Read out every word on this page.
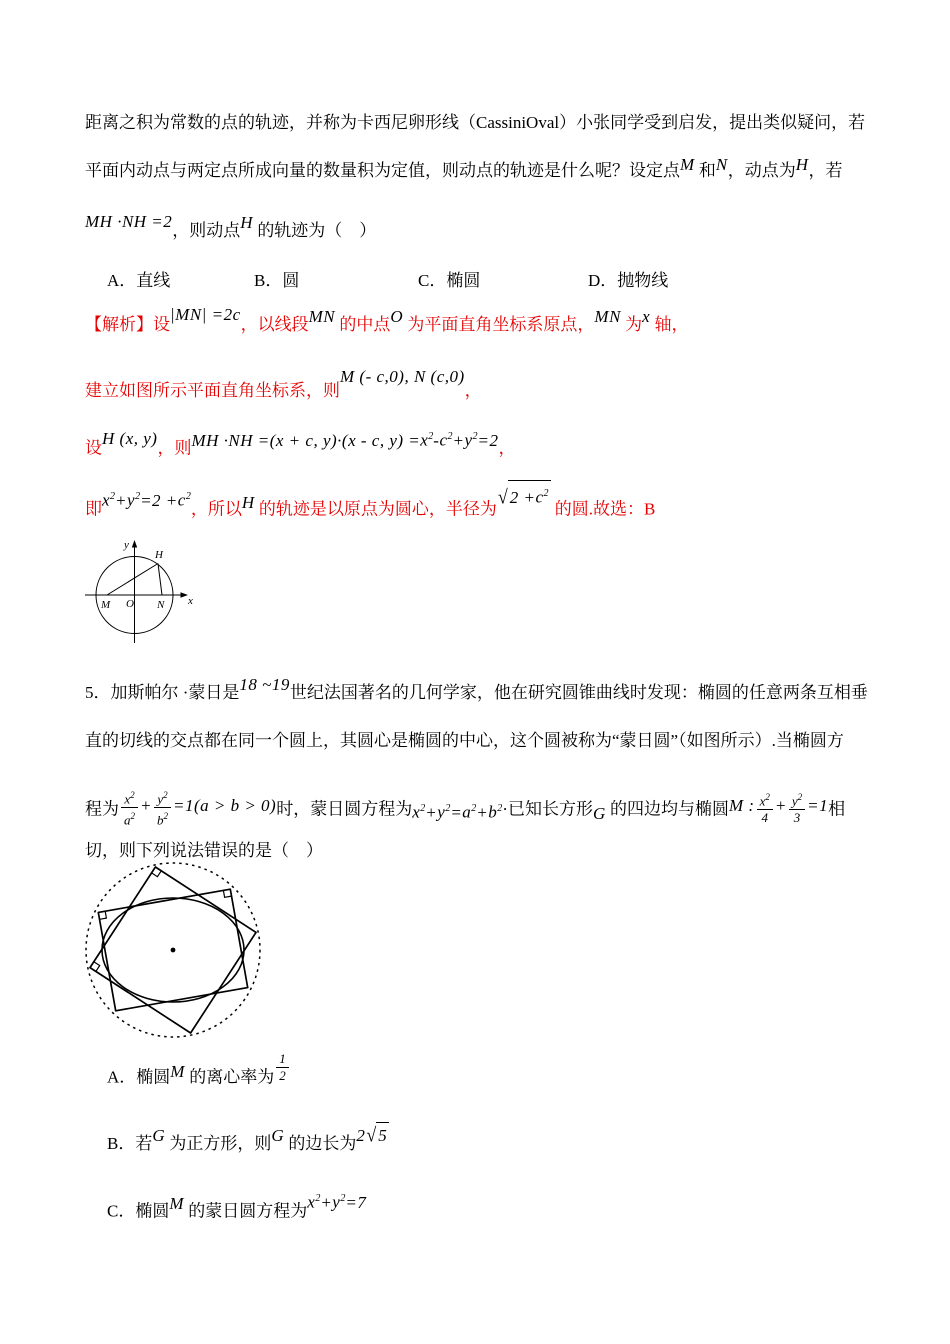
距离之积为常数的点的轨迹，并称为卡西尼卵形线（CassiniOval）小张同学受到启发，提出类似疑问，若
平面内动点与两定点所成向量的数量积为定值，则动点的轨迹是什么呢？设定点M 和N，动点为H，若
MH ·NH =2，则动点H 的轨迹为（　）
A．直线	B．圆	C．椭圆	D．抛物线
【解析】设|MN| =2c，以线段MN 的中点O 为平面直角坐标系原点，MN 为x 轴，
建立如图所示平面直角坐标系，则M (- c,0), N (c,0)，
设H (x, y)，则MH ·NH =(x + c, y)·(x - c, $y) =x^2-c^2+y^2=2$，
即$x^2+y^2=2 +c^2$，所以H 的轨迹是以原点为圆心，半径为√ $2 +c^2$ 的圆.故选：B
5．加斯帕尔 ·蒙日是18 ~19世纪法国著名的几何学家，他在研究圆锥曲线时发现：椭圆的任意两条互相垂
直的切线的交点都在同一个圆上，其圆心是椭圆的中心，这个圆被称为“蒙日圆”（如图所示）.当椭圆方
程为 $\frac{x^2}{a^2} + \frac{y^2}{b^2} =1(a > b > 0)$时，蒙日圆方程为$x^2+y^2=a^2+b^2\cdot$已知长方形G 的四边均与椭圆M : $\frac{x^2}{4} + \frac{y^2}{3} =1$相
切，则下列说法错误的是（　）
A．椭圆M 的离心率为 $\frac{1}{2}$
B．若G 为正方形，则G 的边长为2√ 5
C．椭圆M 的蒙日圆方程为$x^2+y^2=7$
y
x
M O N
H
